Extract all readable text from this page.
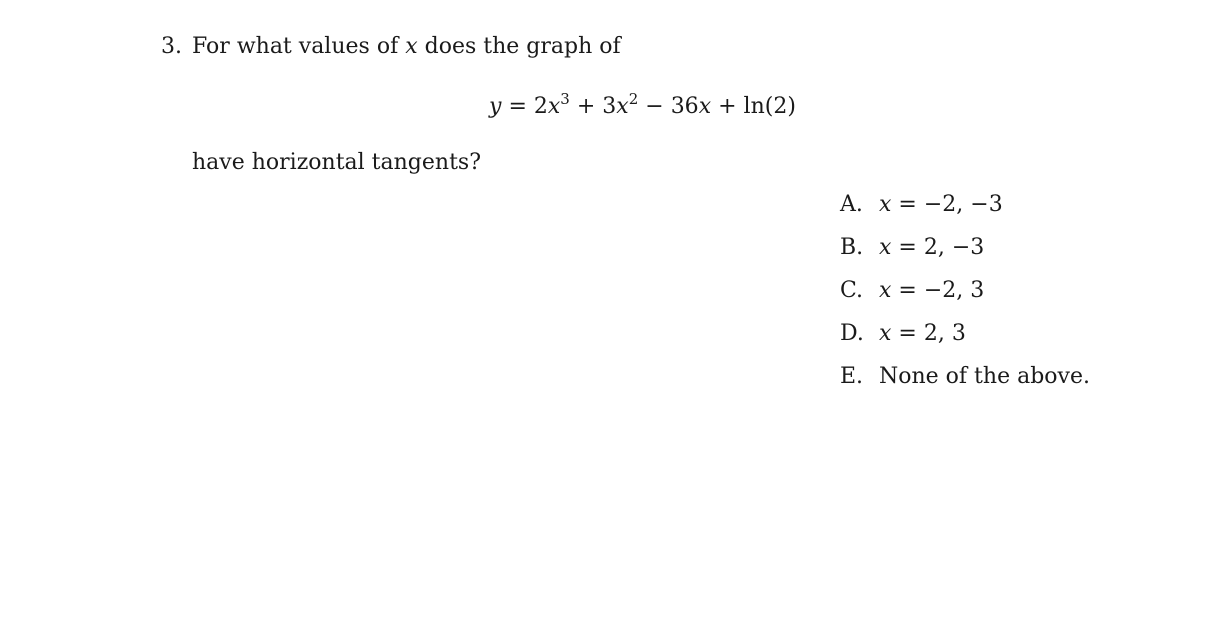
3. For what values of x does the graph of
$y = 2x^3 + 3x^2 - 36x + \ln(2)$
have horizontal tangents?
A. x = −2, −3
B. x = 2, −3
C. x = −2, 3
D. x = 2, 3
E. None of the above.
